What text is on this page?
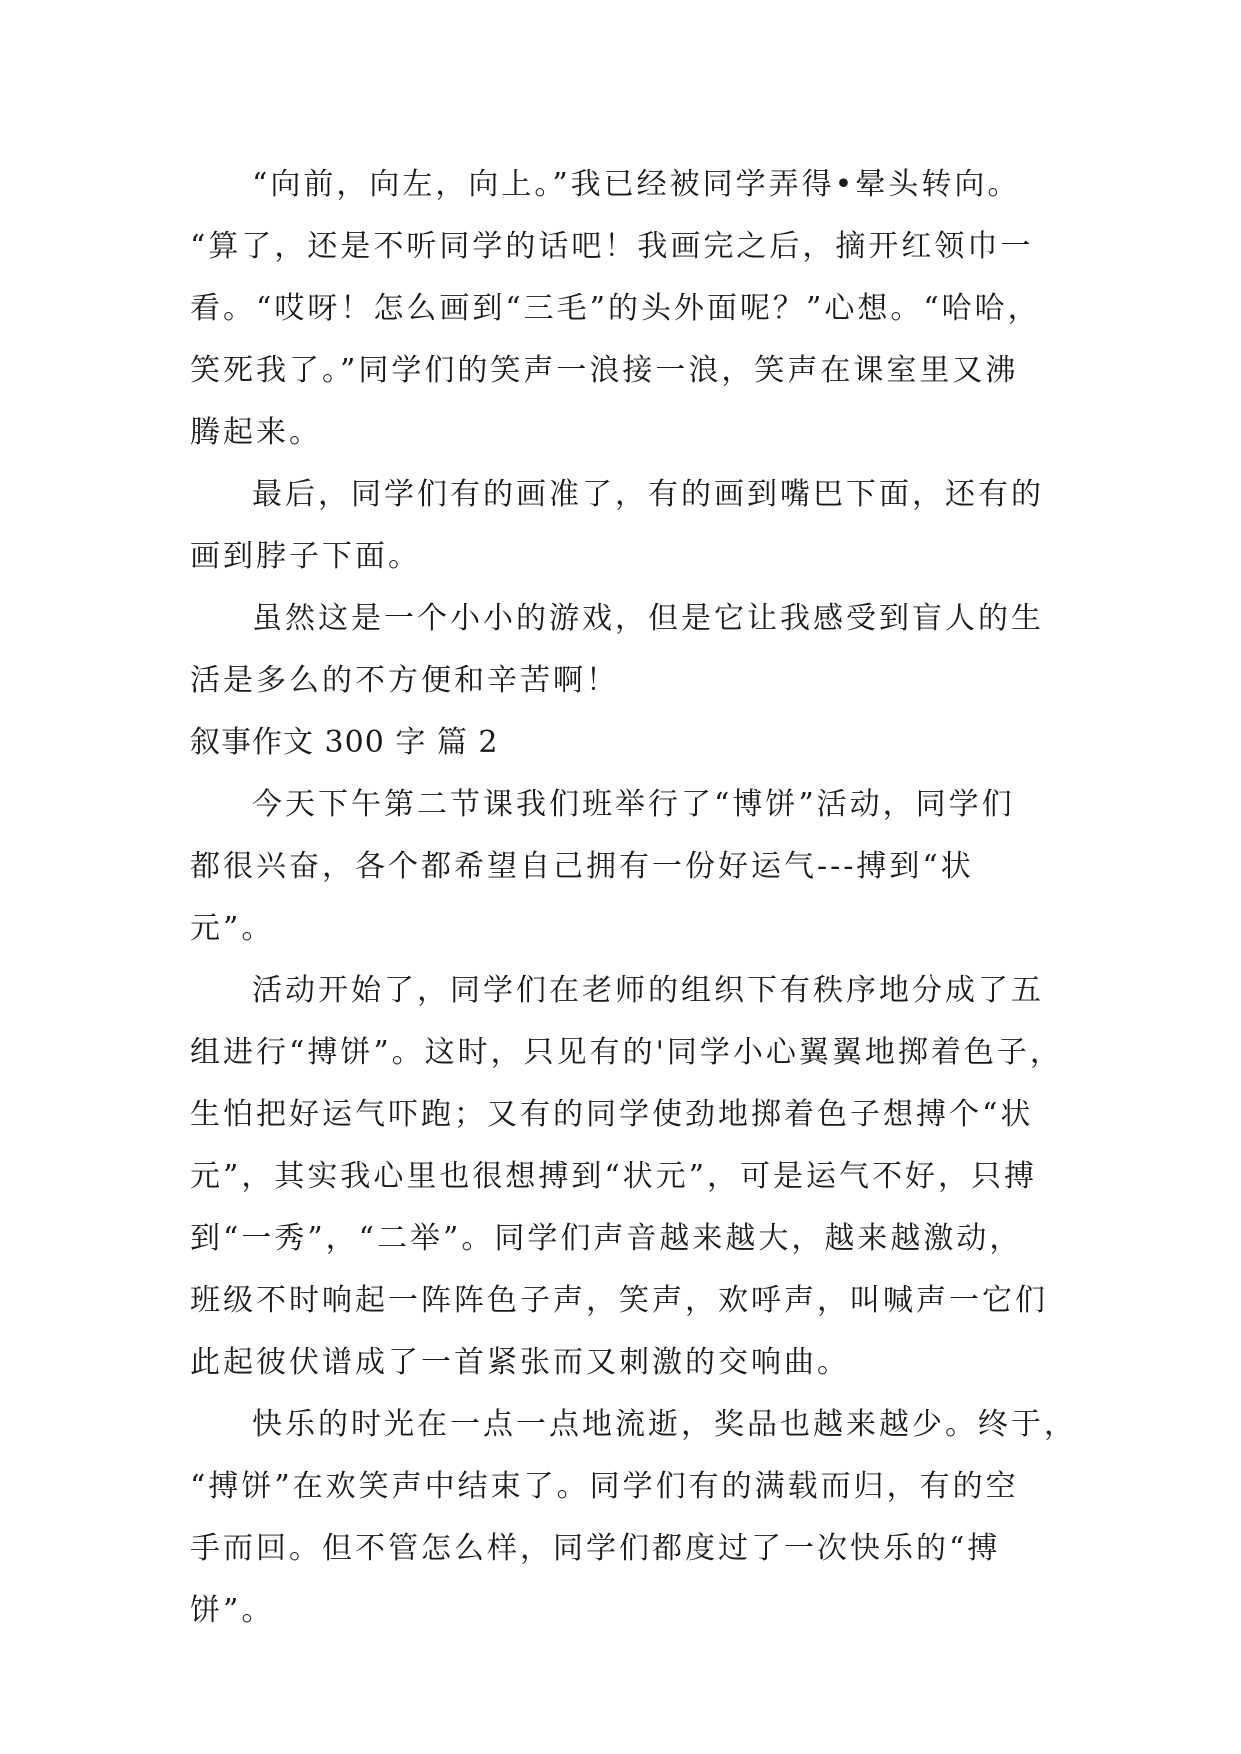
“向前，向左，向上。”我已经被同学弄得•晕头转向。
“算了，还是不听同学的话吧！我画完之后，摘开红领巾一
看。“哎呀！怎么画到“三毛”的头外面呢？”心想。“哈哈，
笑死我了。”同学们的笑声一浪接一浪，笑声在课室里又沸
腾起来。
最后，同学们有的画准了，有的画到嘴巴下面，还有的
画到脖子下面。
虽然这是一个小小的游戏，但是它让我感受到盲人的生
活是多么的不方便和辛苦啊！
叙事作文 300 字 篇 2
今天下午第二节课我们班举行了“博饼”活动，同学们
都很兴奋，各个都希望自己拥有一份好运气---搏到“状
元”。
活动开始了，同学们在老师的组织下有秩序地分成了五
组进行“搏饼”。这时，只见有的'同学小心翼翼地掷着色子，
生怕把好运气吓跑；又有的同学使劲地掷着色子想搏个“状
元”，其实我心里也很想搏到“状元”，可是运气不好，只搏
到“一秀”，“二举”。同学们声音越来越大，越来越激动，
班级不时响起一阵阵色子声，笑声，欢呼声，叫喊声一它们
此起彼伏谱成了一首紧张而又刺激的交响曲。
快乐的时光在一点一点地流逝，奖品也越来越少。终于，
“搏饼”在欢笑声中结束了。同学们有的满载而归，有的空
手而回。但不管怎么样，同学们都度过了一次快乐的“搏
饼”。
